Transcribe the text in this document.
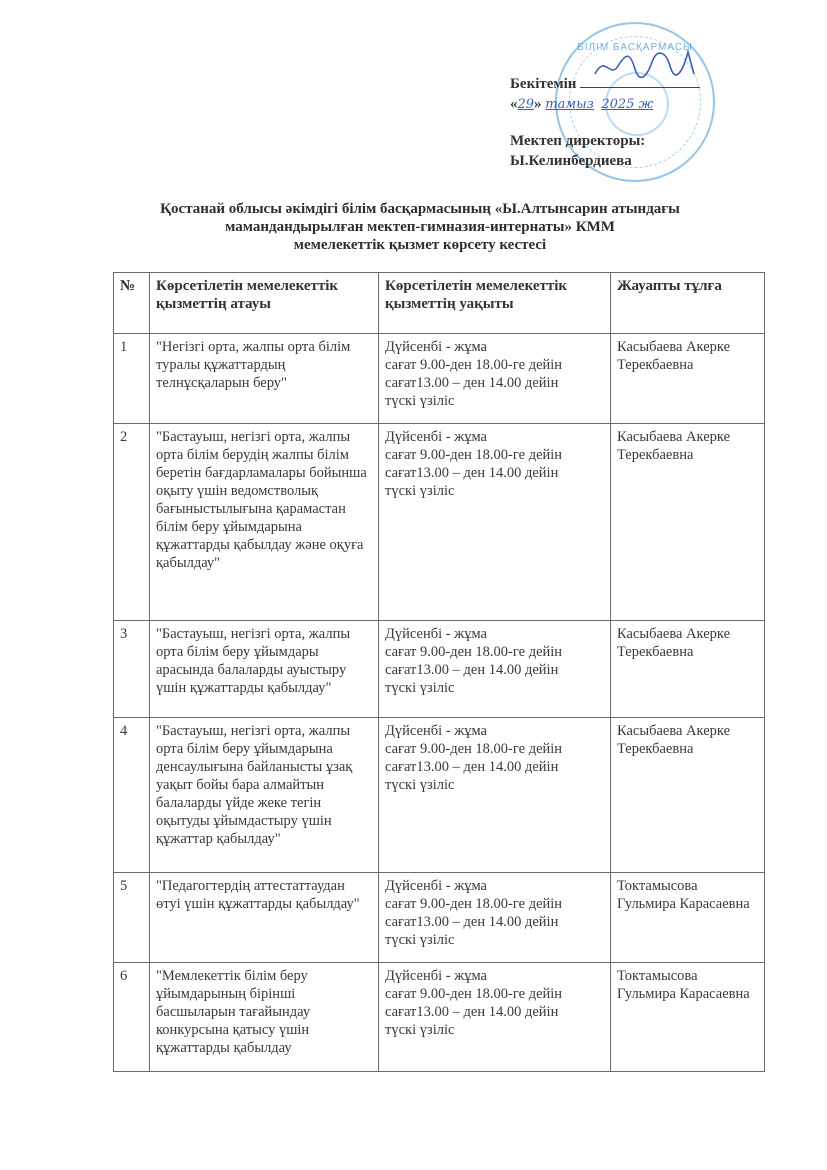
БІЛІМ БАСҚАРМАСЫ
Бекітемін
«29» тамыз 2025 ж
Мектеп директоры:
Ы.Келинбердиева
Қостанай облысы әкімдігі білім басқармасының «Ы.Алтынсарин атындағы
мамандандырылған мектеп-гимназия-интернаты» КММ
мемелекеттік қызмет көрсету кестесі
№	Көрсетілетін мемелекеттік қызметтің атауы	Көрсетілетін мемелекеттік қызметтің уақыты	Жауапты тұлға
1	"Негізгі орта, жалпы орта білім туралы құжаттардың телнұсқаларын беру"	Дүйсенбі - жұма
сағат 9.00-ден 18.00-ге дейін
сағат13.00 – ден 14.00 дейін
түскі үзіліс	Касыбаева Акерке Терекбаевна
2	"Бастауыш, негізгі орта, жалпы орта білім берудің жалпы білім беретін бағдарламалары бойынша оқыту үшін ведомстволық бағыныстылығына қарамастан білім беру ұйымдарына құжаттарды қабылдау және оқуға қабылдау"	
Дүйсенбі - жұма
сағат 9.00-ден 18.00-ге дейін
сағат13.00 – ден 14.00 дейін
түскі үзіліс
	Касыбаева Акерке Терекбаевна
3	"Бастауыш, негізгі орта, жалпы орта білім беру ұйымдары арасында балаларды ауыстыру үшін құжаттарды қабылдау"	Дүйсенбі - жұма
сағат 9.00-ден 18.00-ге дейін
сағат13.00 – ден 14.00 дейін
түскі үзіліс	Касыбаева Акерке Терекбаевна
4	"Бастауыш, негізгі орта, жалпы орта білім беру ұйымдарына денсаулығына байланысты ұзақ уақыт бойы бара алмайтын балаларды үйде жеке тегін оқытуды ұйымдастыру үшін құжаттар қабылдау"	Дүйсенбі - жұма
сағат 9.00-ден 18.00-ге дейін
сағат13.00 – ден 14.00 дейін
түскі үзіліс	Касыбаева Акерке Терекбаевна
5	"Педагогтердің аттестаттаудан өтуі үшін құжаттарды қабылдау"	Дүйсенбі - жұма
сағат 9.00-ден 18.00-ге дейін
сағат13.00 – ден 14.00 дейін
түскі үзіліс	Токтамысова Гульмира Карасаевна
6	"Мемлекеттік білім беру ұйымдарының бірінші басшыларын тағайындау конкурсына қатысу үшін құжаттарды қабылдау	Дүйсенбі - жұма
сағат 9.00-ден 18.00-ге дейін
сағат13.00 – ден 14.00 дейін
түскі үзіліс	Токтамысова Гульмира Карасаевна
